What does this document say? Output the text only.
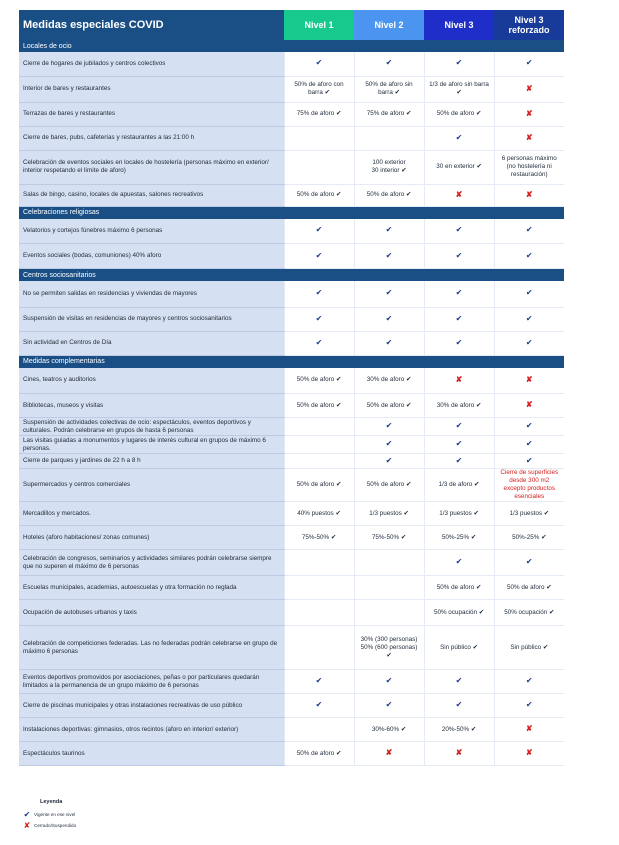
Medidas especiales COVID	Nivel 1	Nivel 2	Nivel 3	Nivel 3
reforzado
Locales de ocio				
Cierre de hogares de jubilados y centros colectivos	✔	✔	✔	✔
Interior de bares y restaurantes	50% de aforo con barra ✔	50% de aforo sin barra ✔	1/3 de aforo sin barra ✔	✘
Terrazas de bares y restaurantes	75% de aforo ✔	75% de aforo ✔	50% de aforo ✔	✘
Cierre de bares, pubs, cafeterías y restaurantes a las 21:00 h			✔	✘
Celebración de eventos sociales en locales de hostelería (personas máximo en exterior/ interior respetando el límite de aforo)		100 exterior
30 interior ✔	30 en exterior ✔	6 personas máximo (no hostelería ni restauración)
Salas de bingo, casino, locales de apuestas, salones recreativos	50% de aforo ✔	50% de aforo ✔	✘	✘
Celebraciones religiosas				
Velatorios y cortejos fúnebres máximo 6 personas	✔	✔	✔	✔
Eventos sociales (bodas, comuniones) 40% aforo	✔	✔	✔	✔
Centros sociosanitarios				
No se permiten salidas en residencias y viviendas de mayores	✔	✔	✔	✔
Suspensión de visitas en residencias de mayores y centros sociosanitarios	✔	✔	✔	✔
Sin actividad en Centros de Día	✔	✔	✔	✔
Medidas complementarias				
Cines, teatros y auditorios	50% de aforo ✔	30% de aforo ✔	✘	✘
Bibliotecas, museos y visitas	50% de aforo ✔	50% de aforo ✔	30% de aforo ✔	✘
Suspensión de actividades colectivas de ocio: espectáculos, eventos deportivos y culturales. Podrán celebrarse en grupos de hasta 6 personas		✔	✔	✔
Las visitas guiadas a monumentos y lugares de interés cultural en grupos de máximo 6 personas.		✔	✔	✔
Cierre de parques y jardines de 22 h a 8 h		✔	✔	✔
Supermercados y centros comerciales	50% de aforo ✔	50% de aforo ✔	1/3 de aforo ✔	Cierre de superficies desde 300 m2 excepto productos esenciales
Mercadillos y mercados.	40% puestos ✔	1/3 puestos ✔	1/3 puestos ✔	1/3 puestos ✔
Hoteles (aforo habitaciones/ zonas comunes)	75%-50% ✔	75%-50% ✔	50%-25% ✔	50%-25% ✔
Celebración de congresos, seminarios y actividades similares podrán celebrarse siempre que no superen el máximo de 6 personas			✔	✔
Escuelas municipales, academias, autoescuelas y otra formación no reglada			50% de aforo ✔	50% de aforo ✔
Ocupación de autobuses urbanos y taxis			50% ocupación ✔	50% ocupación ✔
Celebración de competiciones federadas. Las no federadas podrán celebrarse en grupo de máximo 6 personas		30% (300 personas)
50% (600 personas) ✔	Sin público ✔	Sin público ✔
Eventos deportivos promovidos por asociaciones, peñas o por particulares quedarán limitados a la permanencia de un grupo máximo de 6 personas	✔	✔	✔	✔
Cierre de piscinas municipales y otras instalaciones recreativas de uso público	✔	✔	✔	✔
Instalaciones deportivas: gimnasios, otros recintos (aforo en interior/ exterior)		30%-60% ✔	20%-50% ✔	✘
Espectáculos taurinos	50% de aforo ✔	✘	✘	✘
Leyenda
✔ Vigente en ese nivel
✘ Cerrado/Suspendido
